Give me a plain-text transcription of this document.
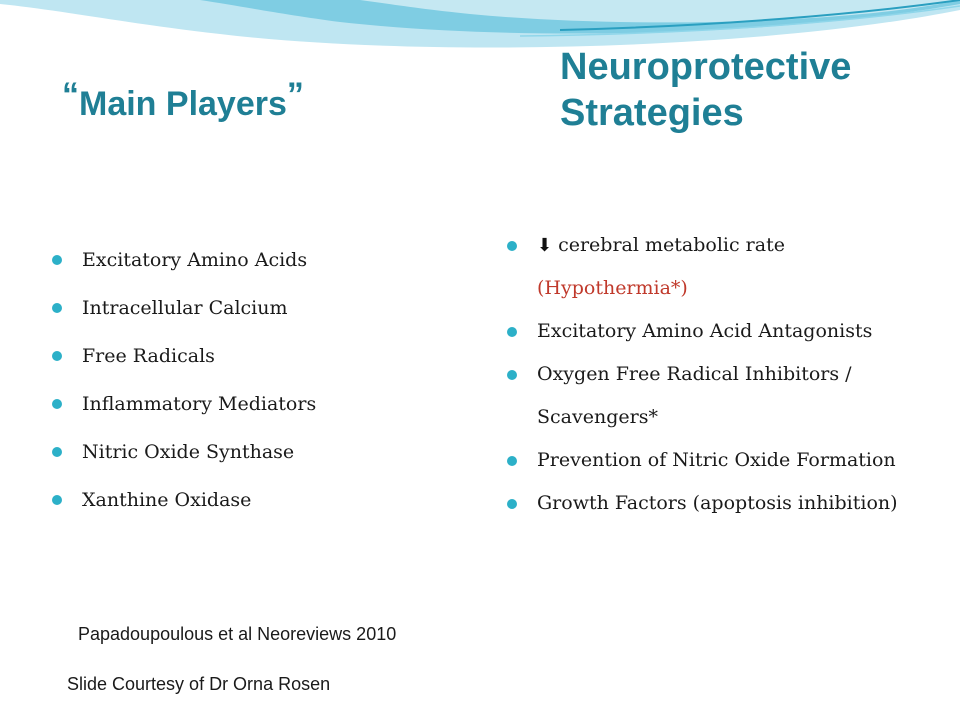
“Main Players”
Neuroprotective
Strategies
Excitatory Amino Acids
Intracellular Calcium
Free Radicals
Inflammatory Mediators
Nitric Oxide Synthase
Xanthine Oxidase
⬇ cerebral metabolic rate
(Hypothermia*)
Excitatory Amino Acid Antagonists
Oxygen Free Radical Inhibitors / Scavengers*
Prevention of Nitric Oxide Formation
Growth Factors (apoptosis inhibition)
Papadoupoulous et al Neoreviews 2010
Slide Courtesy of Dr Orna Rosen
